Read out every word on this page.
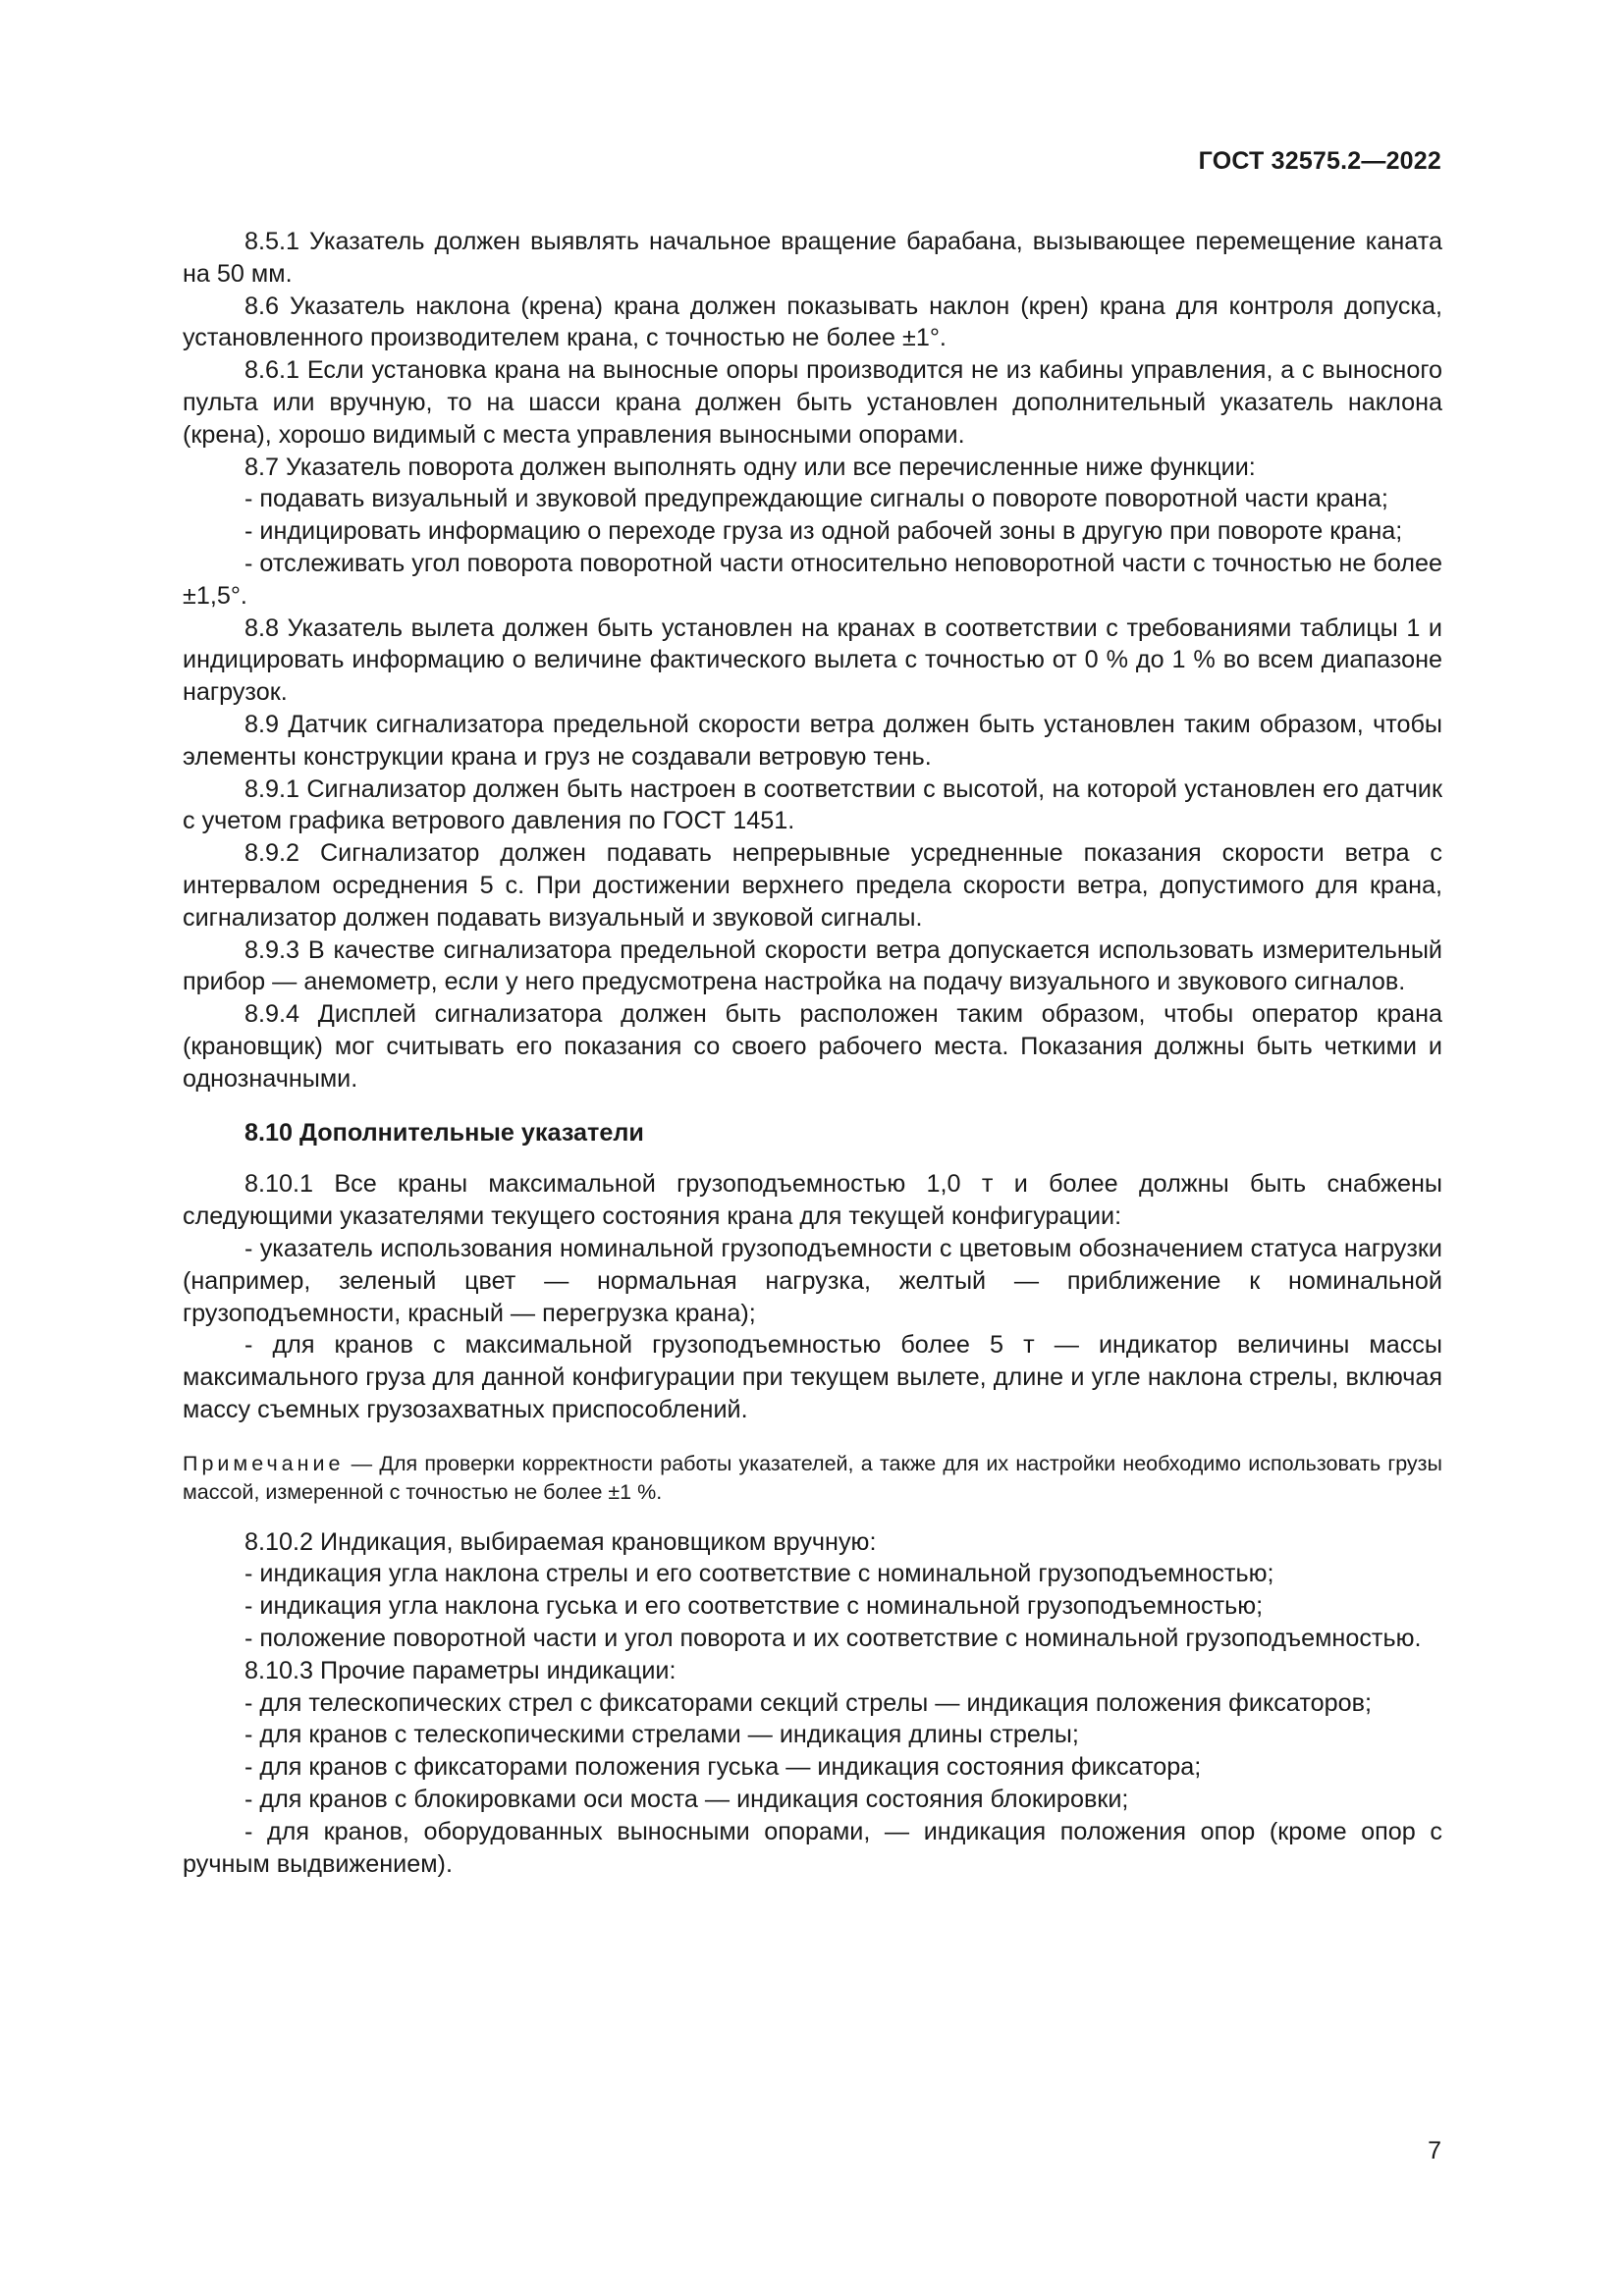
ГОСТ 32575.2—2022

8.5.1 Указатель должен выявлять начальное вращение барабана, вызывающее перемещение каната на 50 мм.

8.6 Указатель наклона (крена) крана должен показывать наклон (крен) крана для контроля допуска, установленного производителем крана, с точностью не более ±1°.

8.6.1 Если установка крана на выносные опоры производится не из кабины управления, а с выносного пульта или вручную, то на шасси крана должен быть установлен дополнительный указатель наклона (крена), хорошо видимый с места управления выносными опорами.

8.7 Указатель поворота должен выполнять одну или все перечисленные ниже функции:

- подавать визуальный и звуковой предупреждающие сигналы о повороте поворотной части крана;

- индицировать информацию о переходе груза из одной рабочей зоны в другую при повороте крана;

- отслеживать угол поворота поворотной части относительно неповоротной части с точностью не более ±1,5°.

8.8 Указатель вылета должен быть установлен на кранах в соответствии с требованиями таблицы 1 и индицировать информацию о величине фактического вылета с точностью от 0 % до 1 % во всем диапазоне нагрузок.

8.9 Датчик сигнализатора предельной скорости ветра должен быть установлен таким образом, чтобы элементы конструкции крана и груз не создавали ветровую тень.

8.9.1 Сигнализатор должен быть настроен в соответствии с высотой, на которой установлен его датчик с учетом графика ветрового давления по ГОСТ 1451.

8.9.2 Сигнализатор должен подавать непрерывные усредненные показания скорости ветра с интервалом осреднения 5 с. При достижении верхнего предела скорости ветра, допустимого для крана, сигнализатор должен подавать визуальный и звуковой сигналы.

8.9.3 В качестве сигнализатора предельной скорости ветра допускается использовать измерительный прибор — анемометр, если у него предусмотрена настройка на подачу визуального и звукового сигналов.

8.9.4 Дисплей сигнализатора должен быть расположен таким образом, чтобы оператор крана (крановщик) мог считывать его показания со своего рабочего места. Показания должны быть четкими и однозначными.

8.10 Дополнительные указатели

8.10.1 Все краны максимальной грузоподъемностью 1,0 т и более должны быть снабжены следующими указателями текущего состояния крана для текущей конфигурации:

- указатель использования номинальной грузоподъемности с цветовым обозначением статуса нагрузки (например, зеленый цвет — нормальная нагрузка, желтый — приближение к номинальной грузоподъемности, красный — перегрузка крана);

- для кранов с максимальной грузоподъемностью более 5 т — индикатор величины массы максимального груза для данной конфигурации при текущем вылете, длине и угле наклона стрелы, включая массу съемных грузозахватных приспособлений.

Примечание — Для проверки корректности работы указателей, а также для их настройки необходимо использовать грузы массой, измеренной с точностью не более ±1 %.

8.10.2 Индикация, выбираемая крановщиком вручную:

- индикация угла наклона стрелы и его соответствие с номинальной грузоподъемностью;

- индикация угла наклона гуська и его соответствие с номинальной грузоподъемностью;

- положение поворотной части и угол поворота и их соответствие с номинальной грузоподъемностью.

8.10.3 Прочие параметры индикации:

- для телескопических стрел с фиксаторами секций стрелы — индикация положения фиксаторов;

- для кранов с телескопическими стрелами — индикация длины стрелы;

- для кранов с фиксаторами положения гуська — индикация состояния фиксатора;

- для кранов с блокировками оси моста — индикация состояния блокировки;

- для кранов, оборудованных выносными опорами, — индикация положения опор (кроме опор с ручным выдвижением).

7
